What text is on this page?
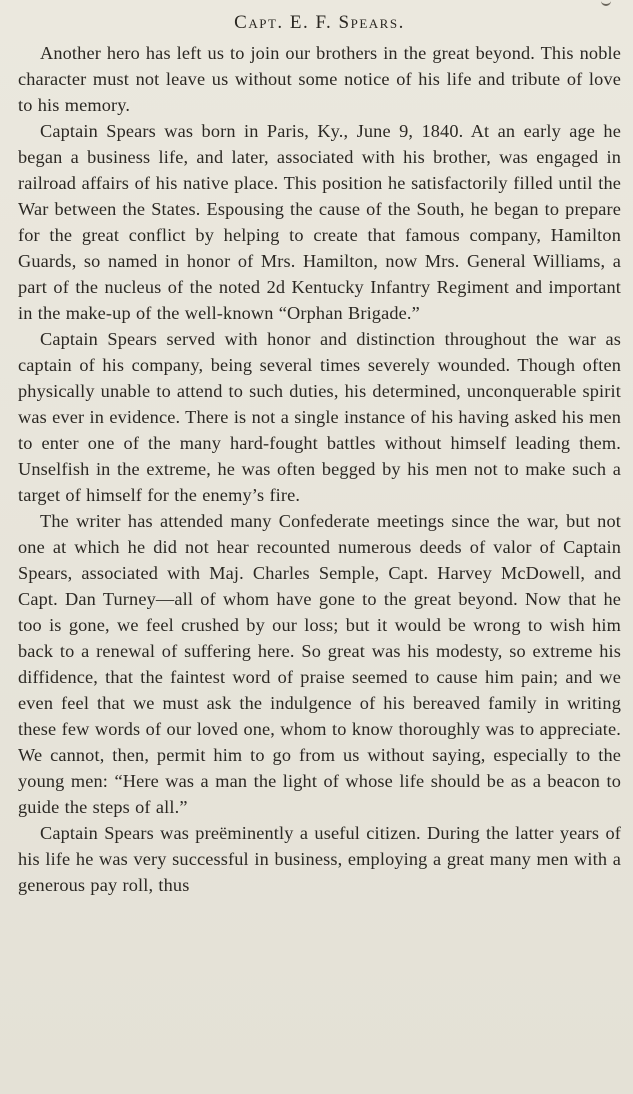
Capt. E. F. Spears.

Another hero has left us to join our brothers in the great beyond. This noble character must not leave us without some notice of his life and tribute of love to his memory.

Captain Spears was born in Paris, Ky., June 9, 1840. At an early age he began a business life, and later, associated with his brother, was engaged in railroad affairs of his native place. This position he satisfactorily filled until the War between the States. Espousing the cause of the South, he began to prepare for the great conflict by helping to create that famous company, Hamilton Guards, so named in honor of Mrs. Hamilton, now Mrs. General Williams, a part of the nucleus of the noted 2d Kentucky Infantry Regiment and important in the make-up of the well-known “Orphan Brigade.”

Captain Spears served with honor and distinction throughout the war as captain of his company, being several times severely wounded. Though often physically unable to attend to such duties, his determined, unconquerable spirit was ever in evidence. There is not a single instance of his having asked his men to enter one of the many hard-fought battles without himself leading them. Unselfish in the extreme, he was often begged by his men not to make such a target of himself for the enemy’s fire.

The writer has attended many Confederate meetings since the war, but not one at which he did not hear recounted numerous deeds of valor of Captain Spears, associated with Maj. Charles Semple, Capt. Harvey McDowell, and Capt. Dan Turney—all of whom have gone to the great beyond. Now that he too is gone, we feel crushed by our loss; but it would be wrong to wish him back to a renewal of suffering here. So great was his modesty, so extreme his diffidence, that the faintest word of praise seemed to cause him pain; and we even feel that we must ask the indulgence of his bereaved family in writing these few words of our loved one, whom to know thoroughly was to appreciate. We cannot, then, permit him to go from us without saying, especially to the young men: “Here was a man the light of whose life should be as a beacon to guide the steps of all.”

Captain Spears was preëminently a useful citizen. During the latter years of his life he was very successful in business, employing a great many men with a generous pay roll, thus
